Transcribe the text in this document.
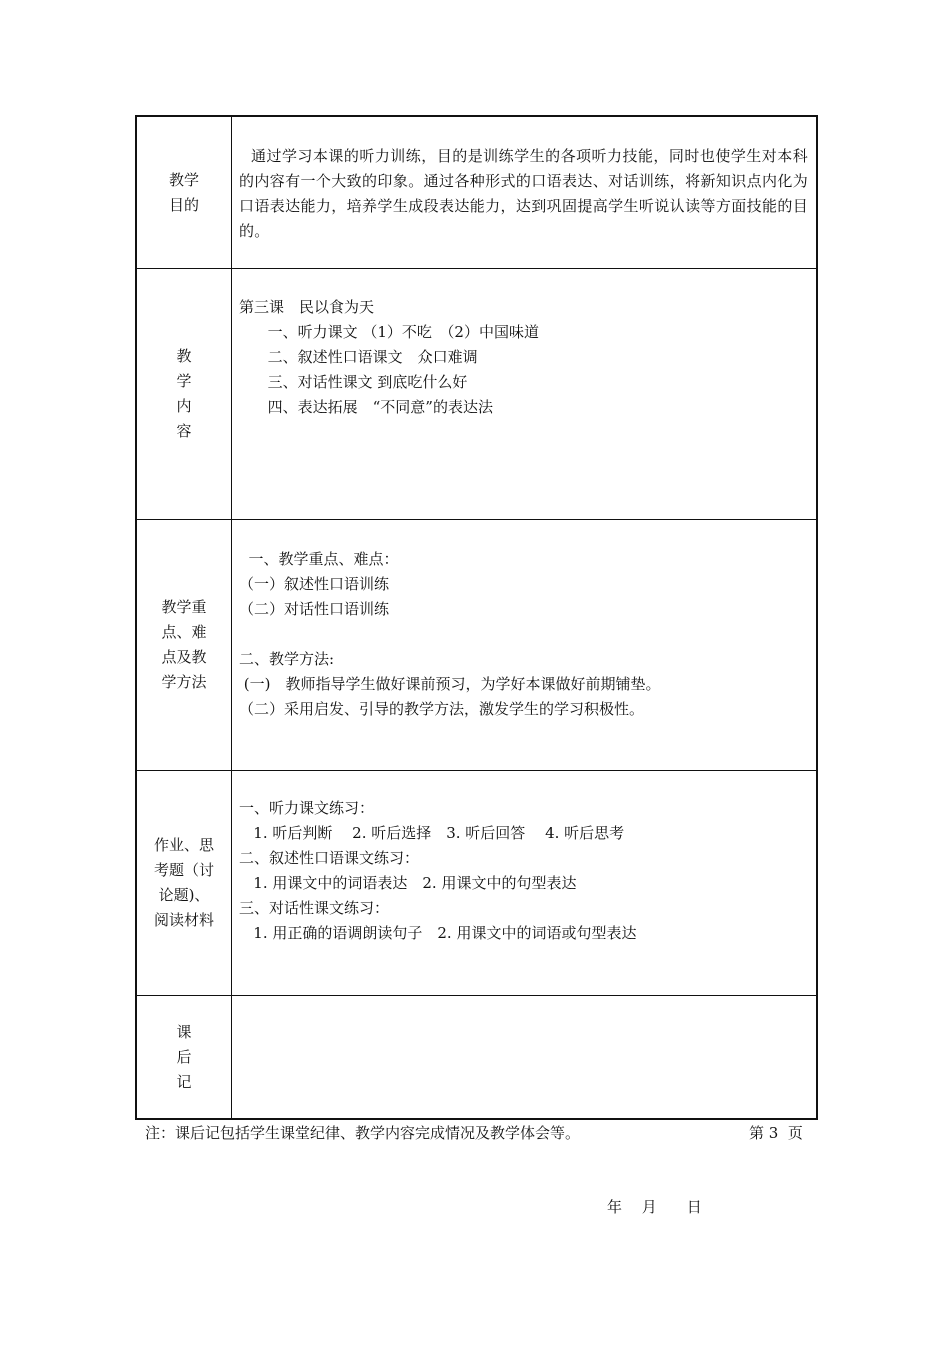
教学
目的
通过学习本课的听力训练，目的是训练学生的各项听力技能，同时也使学生对本科的内容有一个大致的印象。通过各种形式的口语表达、对话训练，将新知识点内化为口语表达能力，培养学生成段表达能力，达到巩固提高学生听说认读等方面技能的目的。
教
学
内
容
第三课　民以食为天
一、听力课文 （1）不吃　（2）中国味道
二、叙述性口语课文　众口难调
三、对话性课文 到底吃什么好
四、表达拓展　“不同意”的表达法
教学重
点、难
点及教
学方法
一、教学重点、难点：
（一）叙述性口语训练
（二）对话性口语训练
二、教学方法:
(一)　教师指导学生做好课前预习，为学好本课做好前期铺垫。
（二）采用启发、引导的教学方法，激发学生的学习积极性。
作业、思
考题（讨
论题)、
阅读材料
一、听力课文练习：
1. 听后判断　 2. 听后选择　3. 听后回答　 4. 听后思考
二、叙述性口语课文练习：
1. 用课文中的词语表达　2. 用课文中的句型表达
三、对话性课文练习：
1. 用正确的语调朗读句子　2. 用课文中的词语或句型表达
课
后
记
注：课后记包括学生课堂纪律、教学内容完成情况及教学体会等。	第 3  页
年　 月　　日
